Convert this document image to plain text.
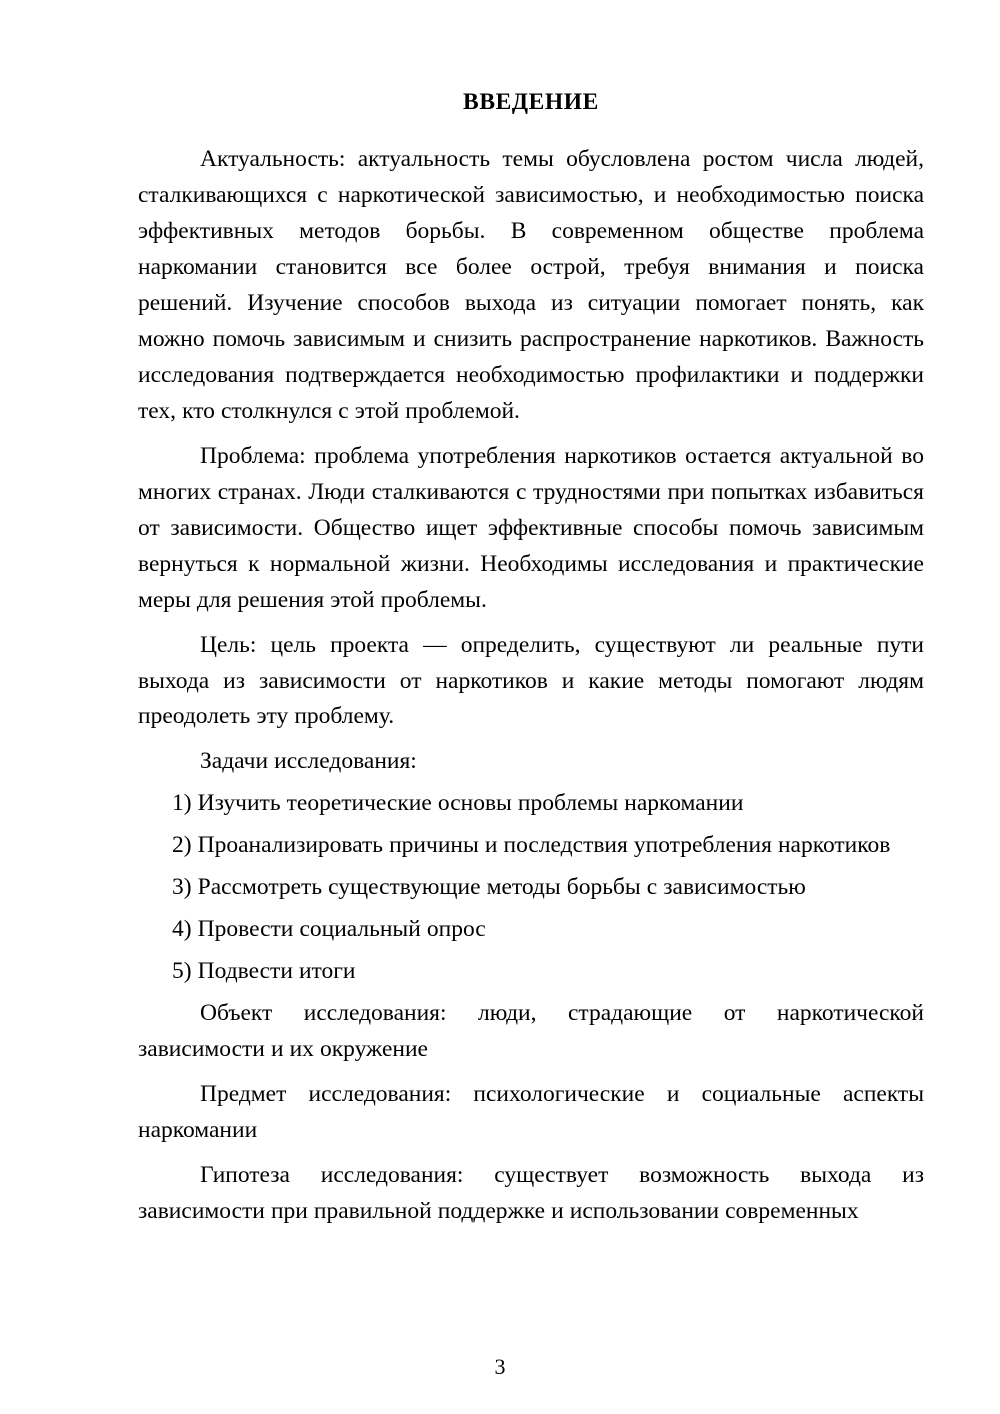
ВВЕДЕНИЕ

Актуальность: актуальность темы обусловлена ростом числа людей, сталкивающихся с наркотической зависимостью, и необходимостью поиска эффективных методов борьбы. В современном обществе проблема наркомании становится все более острой, требуя внимания и поиска решений. Изучение способов выхода из ситуации помогает понять, как можно помочь зависимым и снизить распространение наркотиков. Важность исследования подтверждается необходимостью профилактики и поддержки тех, кто столкнулся с этой проблемой.

Проблема: проблема употребления наркотиков остается актуальной во многих странах. Люди сталкиваются с трудностями при попытках избавиться от зависимости. Общество ищет эффективные способы помочь зависимым вернуться к нормальной жизни. Необходимы исследования и практические меры для решения этой проблемы.

Цель: цель проекта — определить, существуют ли реальные пути выхода из зависимости от наркотиков и какие методы помогают людям преодолеть эту проблему.

Задачи исследования:

1) Изучить теоретические основы проблемы наркомании

2) Проанализировать причины и последствия употребления наркотиков

3) Рассмотреть существующие методы борьбы с зависимостью

4) Провести социальный опрос

5) Подвести итоги

Объект исследования: люди, страдающие от наркотической зависимости и их окружение

Предмет исследования: психологические и социальные аспекты наркомании

Гипотеза исследования: существует возможность выхода из зависимости при правильной поддержке и использовании современных

3
